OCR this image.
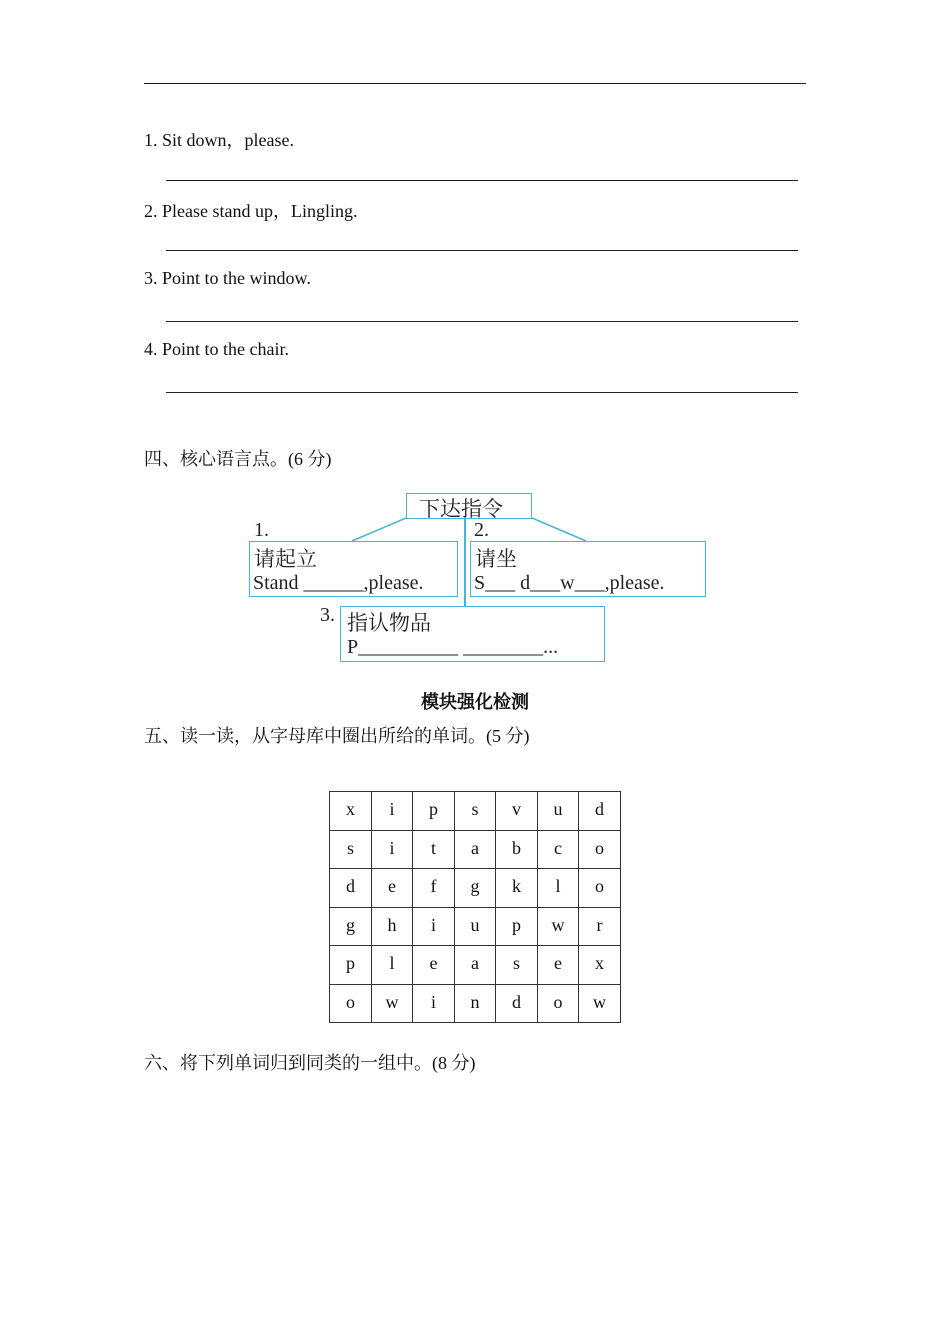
1. Sit down，please.
2. Please stand up，Lingling.
3. Point to the window.
4. Point to the chair.
四、核心语言点。(6 分)
下达指令
1.
请起立
Stand ______,please.
2.
请坐
S___ d___w___,please.
3. 指认物品
P__________ ________...
模块强化检测
五、读一读，从字母库中圈出所给的单词。(5 分)
x	i	p	s	v	u	d
s	i	t	a	b	c	o
d	e	f	g	k	l	o
g	h	i	u	p	w	r
p	l	e	a	s	e	x
o	w	i	n	d	o	w
六、将下列单词归到同类的一组中。(8 分)
